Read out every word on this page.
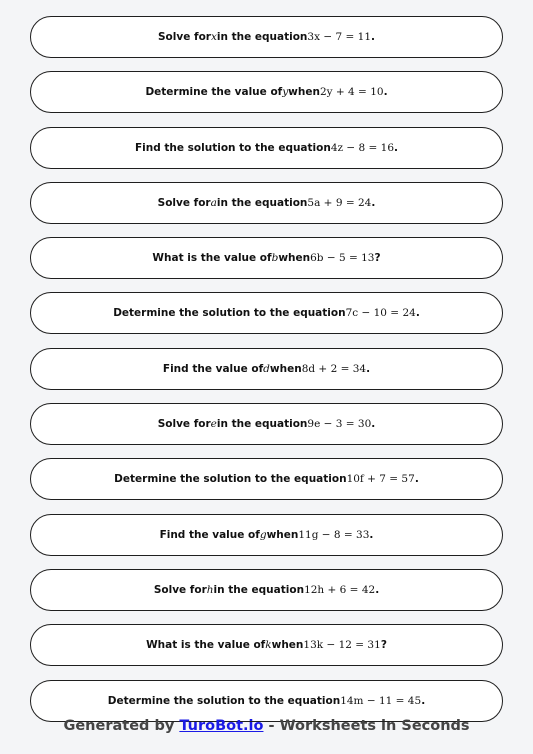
Solve for x in the equation 3x − 7 = 11 .
Determine the value of y when 2y + 4 = 10 .
Find the solution to the equation 4z − 8 = 16 .
Solve for a in the equation 5a + 9 = 24 .
What is the value of b when 6b − 5 = 13 ?
Determine the solution to the equation 7c − 10 = 24 .
Find the value of d when 8d + 2 = 34 .
Solve for e in the equation 9e − 3 = 30 .
Determine the solution to the equation 10f + 7 = 57 .
Find the value of g when 11g − 8 = 33 .
Solve for h in the equation 12h + 6 = 42 .
What is the value of k when 13k − 12 = 31 ?
Determine the solution to the equation 14m − 11 = 45 .
Generated by TuroBot.io - Worksheets in Seconds
